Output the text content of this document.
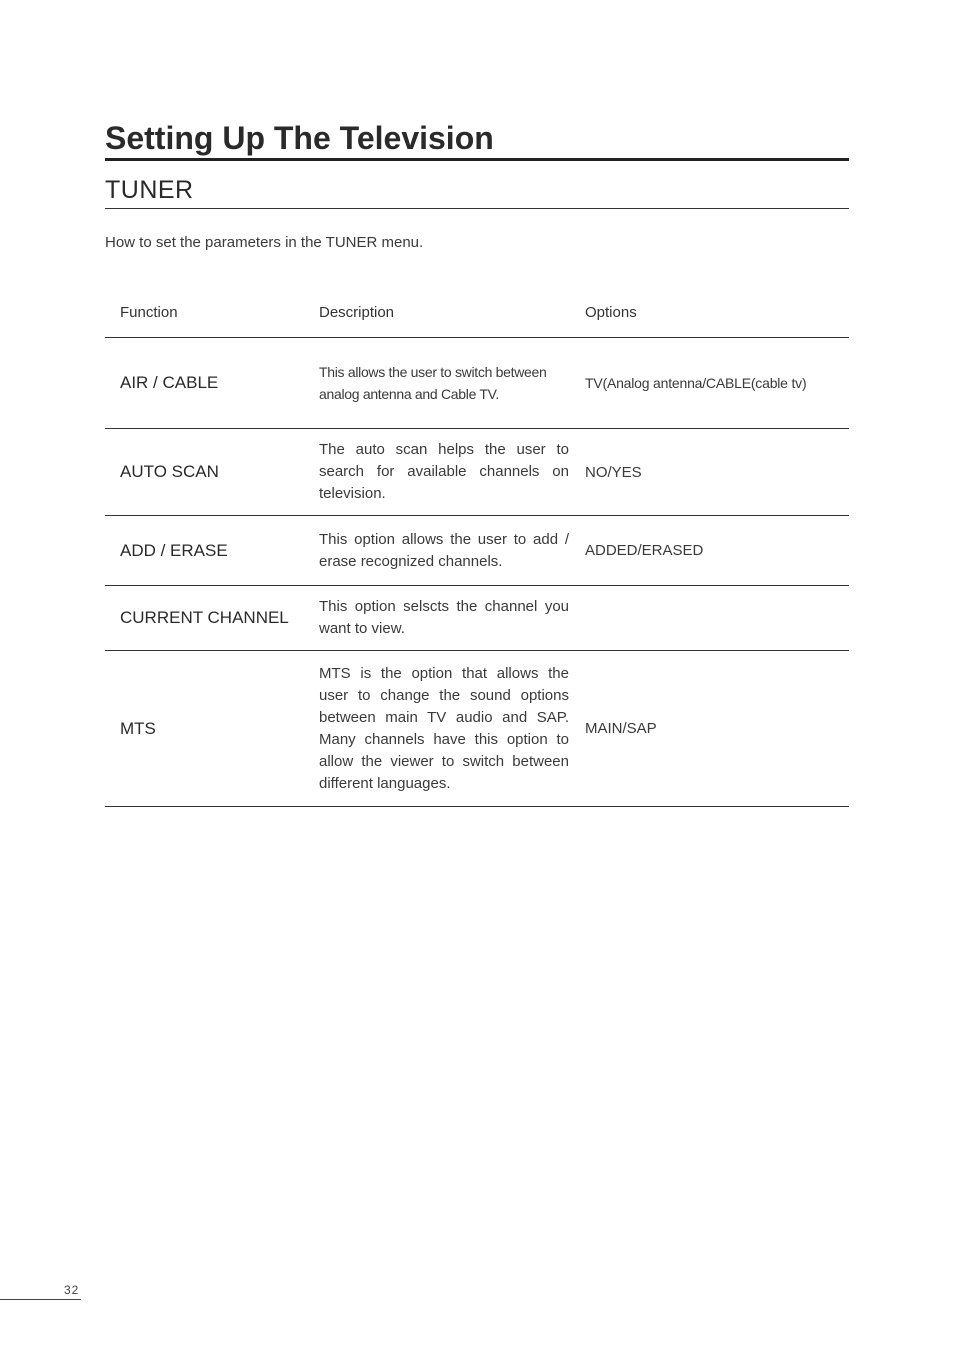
Setting Up The Television
TUNER

How to set the parameters in the TUNER menu.

Function	Description	Options
AIR / CABLE
This allows the user to switch between analog antenna and Cable TV.
TV(Analog antenna/CABLE(cable tv)
AUTO SCAN
The auto scan helps the user to search for available channels on television.
NO/YES
ADD / ERASE
This option allows the user to add / erase recognized channels.
ADDED/ERASED
CURRENT CHANNEL
This option selscts the channel you want to view.
MTS
MTS is the option that allows the user to change the sound options between main TV audio and SAP. Many channels have this option to allow the viewer to switch between different languages.
MAIN/SAP
32
